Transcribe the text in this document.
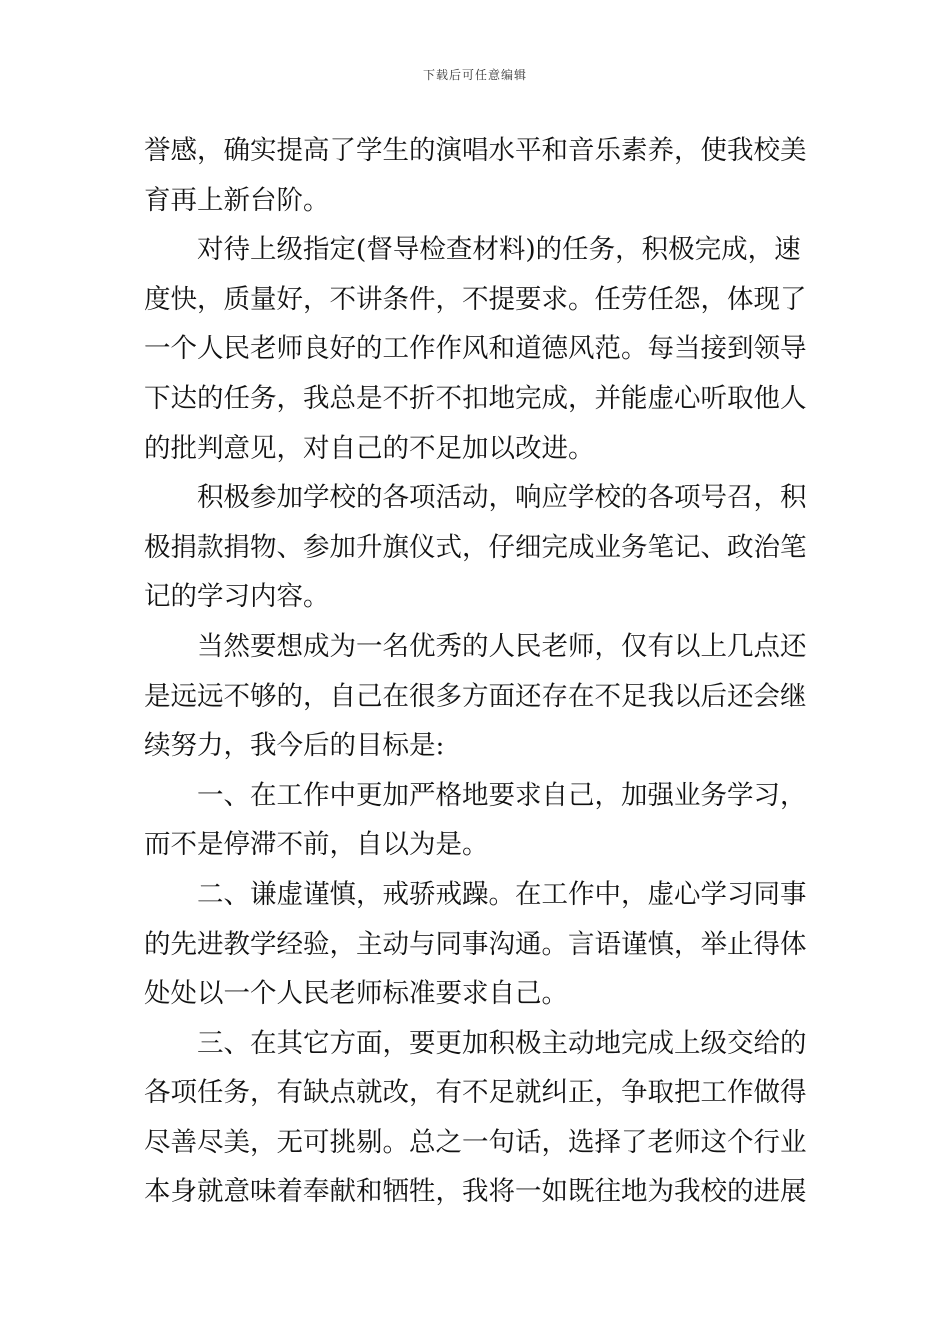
下载后可任意编辑
誉感，确实提高了学生的演唱水平和音乐素养，使我校美
育再上新台阶。
　　对待上级指定(督导检查材料)的任务，积极完成，速
度快，质量好，不讲条件，不提要求。任劳任怨，体现了
一个人民老师良好的工作作风和道德风范。每当接到领导
下达的任务，我总是不折不扣地完成，并能虚心听取他人
的批判意见，对自己的不足加以改进。
　　积极参加学校的各项活动，响应学校的各项号召，积
极捐款捐物、参加升旗仪式，仔细完成业务笔记、政治笔
记的学习内容。
　　当然要想成为一名优秀的人民老师，仅有以上几点还
是远远不够的，自己在很多方面还存在不足我以后还会继
续努力，我今后的目标是:
　　一、在工作中更加严格地要求自己，加强业务学习，
而不是停滞不前，自以为是。
　　二、谦虚谨慎，戒骄戒躁。在工作中，虚心学习同事
的先进教学经验，主动与同事沟通。言语谨慎，举止得体
处处以一个人民老师标准要求自己。
　　三、在其它方面，要更加积极主动地完成上级交给的
各项任务，有缺点就改，有不足就纠正，争取把工作做得
尽善尽美，无可挑剔。总之一句话，选择了老师这个行业
本身就意味着奉献和牺牲，我将一如既往地为我校的进展
